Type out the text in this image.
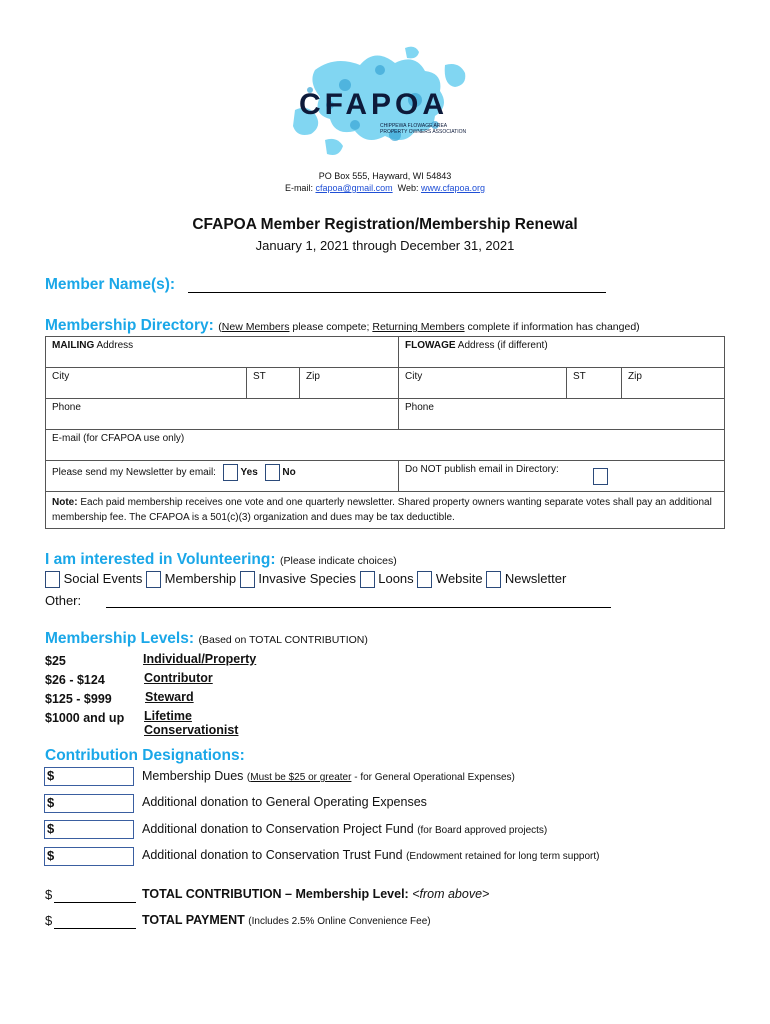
CFAPOA
CHIPPEWA FLOWAGE AREA
PROPERTY OWNERS ASSOCIATION
PO Box 555, Hayward, WI 54843
E-mail: cfapoa@gmail.com Web: www.cfapoa.org
CFAPOA Member Registration/Membership Renewal
January 1, 2021 through December 31, 2021
Member Name(s):
Membership Directory: (New Members please compete; Returning Members complete if information has changed)
MAILING Address			FLOWAGE Address (if different)		
City	ST	Zip	City	ST	Zip
Phone			Phone		
E-mail (for CFAPOA use only)					
Please send my Newsletter by email: Yes No			Do NOT publish email in Directory:		

Note: Each paid membership receives one vote and one quarterly newsletter. Shared property owners wanting separate votes shall pay an additional membership fee. The CFAPOA is a 501(c)(3) organization and dues may be tax deductible.					
I am interested in Volunteering: (Please indicate choices)
Social Events Membership Invasive Species Loons Website Newsletter
Other:
Membership Levels: (Based on TOTAL CONTRIBUTION)
$25	Individual/Property
$26 - $124	Contributor
$125 - $999	Steward
$1000 and up Lifetime Conservationist
Contribution Designations:
$	Membership Dues (Must be $25 or greater - for General Operational Expenses)
$	Additional donation to General Operating Expenses
$	Additional donation to Conservation Project Fund (for Board approved projects)
$	Additional donation to Conservation Trust Fund (Endowment retained for long term support)
$	TOTAL CONTRIBUTION – Membership Level: <from above>
$	TOTAL PAYMENT (Includes 2.5% Online Convenience Fee)
